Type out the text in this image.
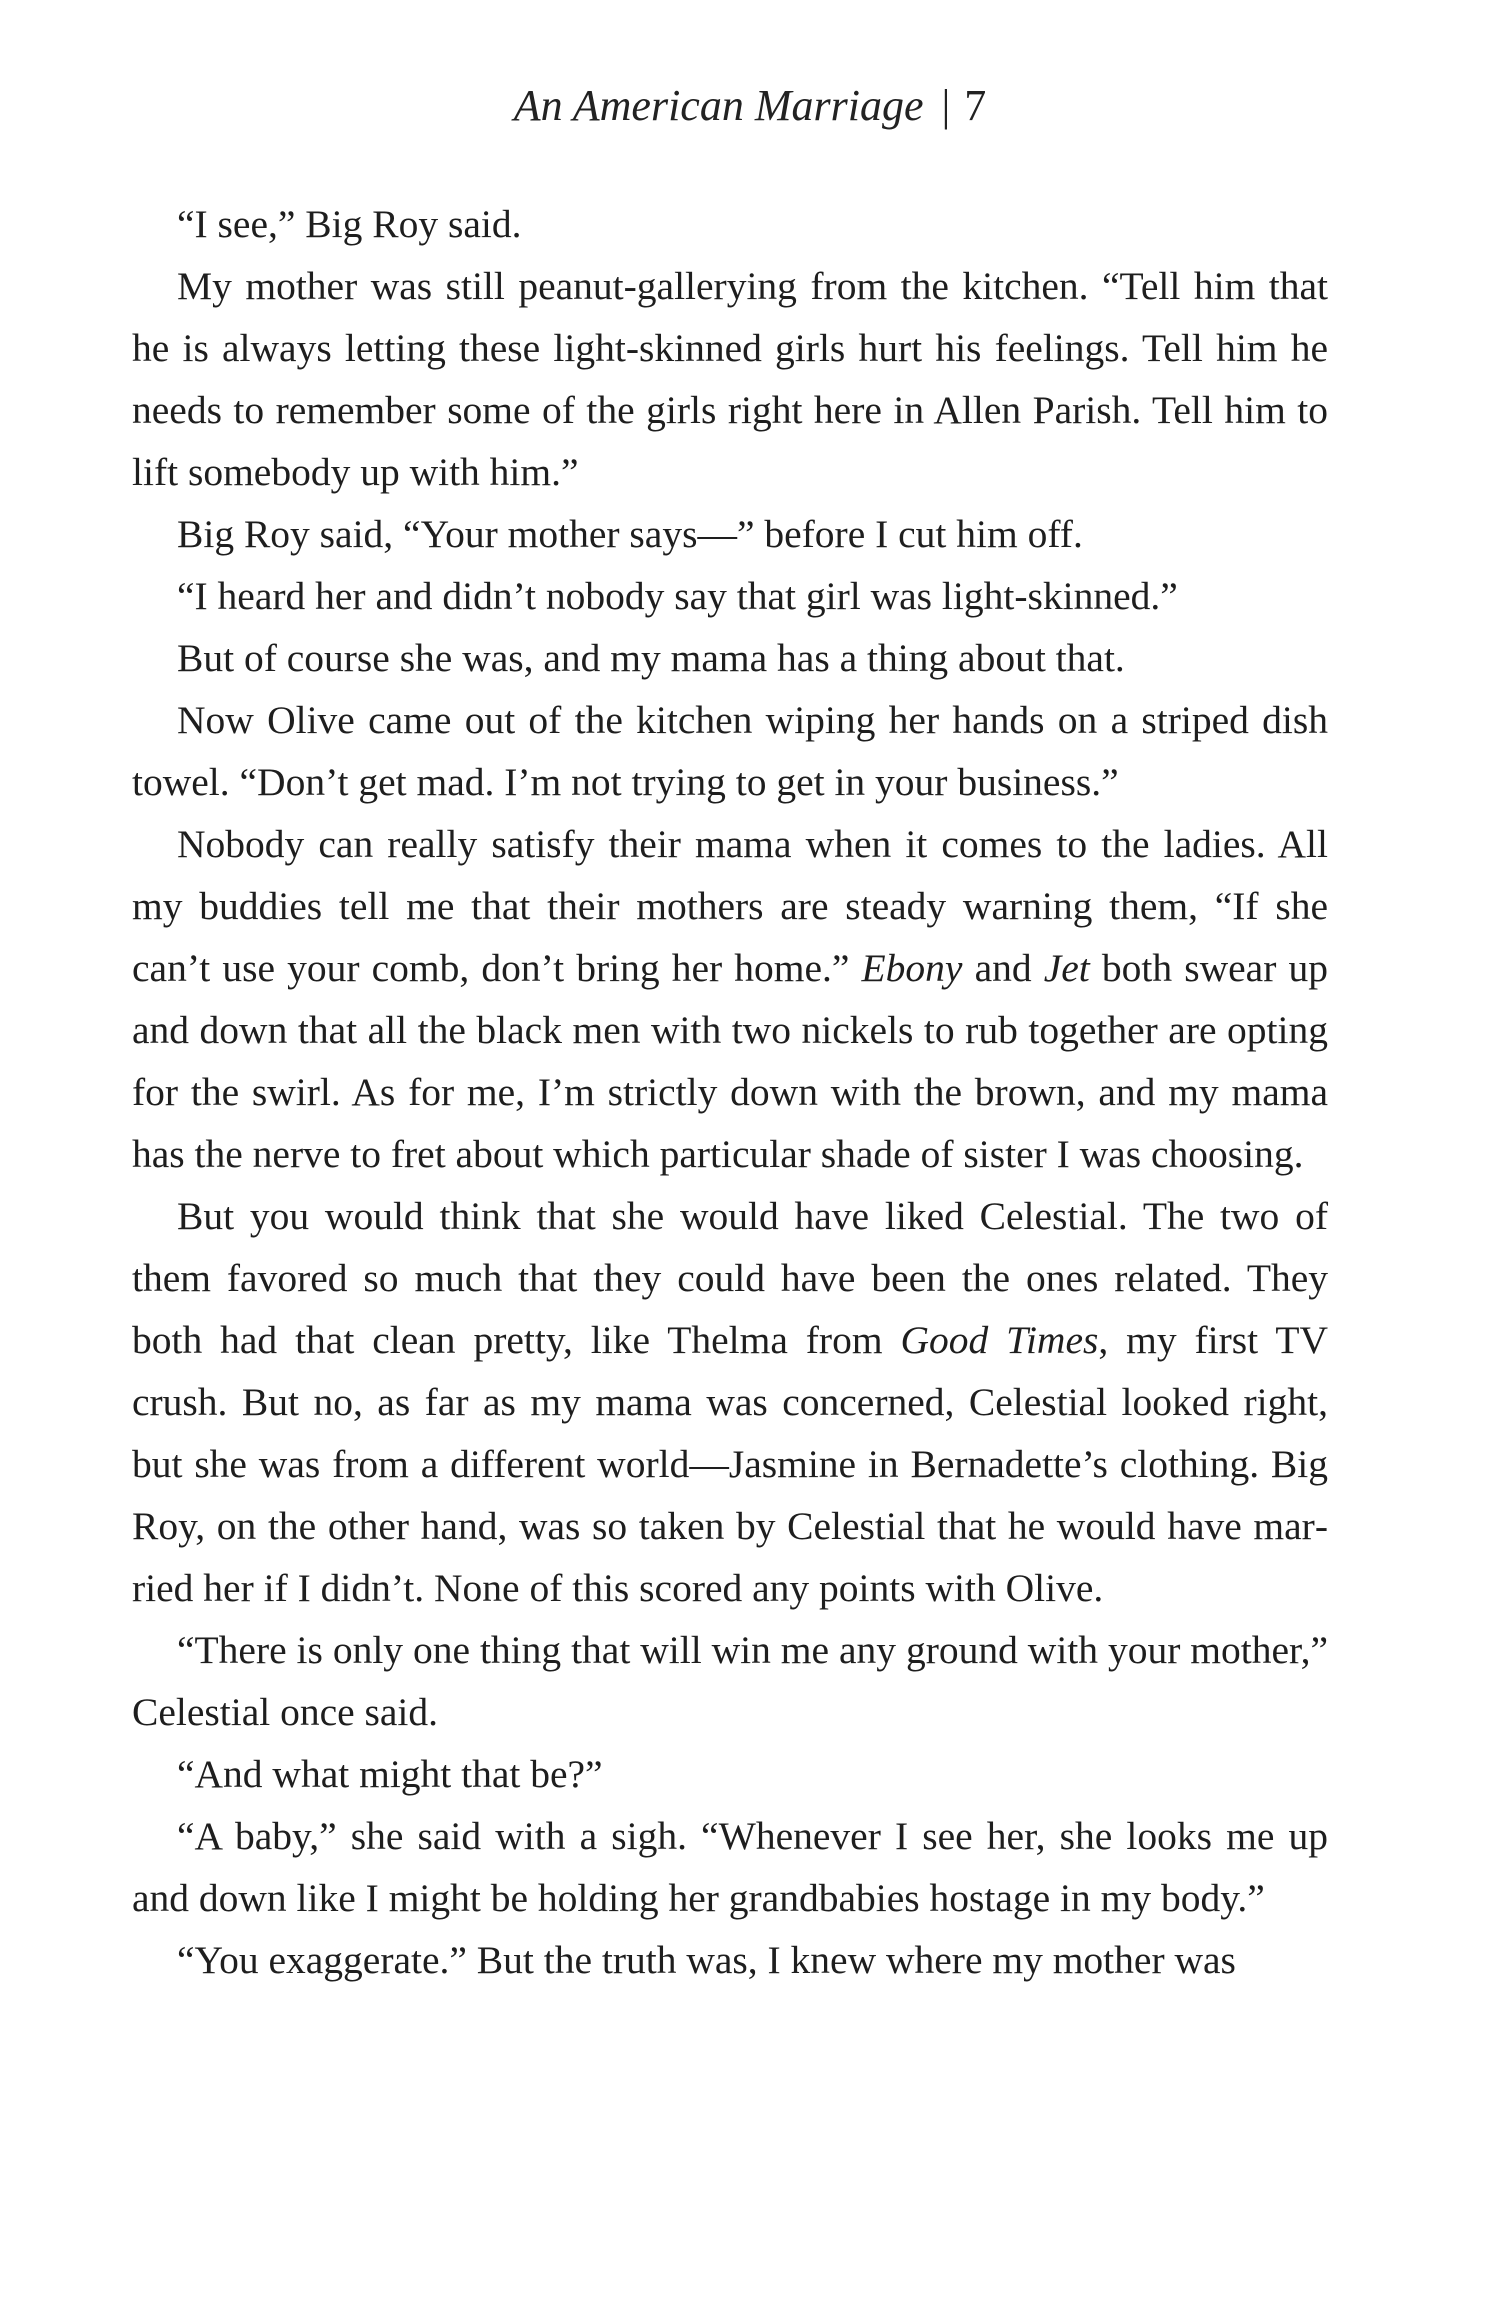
An American Marriage | 7

“I see,” Big Roy said.

My mother was still peanut-gallerying from the kitchen. “Tell him that he is always letting these light-skinned girls hurt his feelings. Tell him he needs to remember some of the girls right here in Allen Parish. Tell him to lift somebody up with him.”

Big Roy said, “Your mother says—” before I cut him off.

“I heard her and didn’t nobody say that girl was light-skinned.”

But of course she was, and my mama has a thing about that.

Now Olive came out of the kitchen wiping her hands on a striped dish towel. “Don’t get mad. I’m not trying to get in your business.”

Nobody can really satisfy their mama when it comes to the ladies. All my buddies tell me that their mothers are steady warning them, “If she can’t use your comb, don’t bring her home.” Ebony and Jet both swear up and down that all the black men with two nickels to rub together are opting for the swirl. As for me, I’m strictly down with the brown, and my mama has the nerve to fret about which particular shade of sister I was choosing.

But you would think that she would have liked Celestial. The two of them favored so much that they could have been the ones related. They both had that clean pretty, like Thelma from Good Times, my first TV crush. But no, as far as my mama was concerned, Celestial looked right, but she was from a different world—Jasmine in Bernadette’s clothing. Big Roy, on the other hand, was so taken by Celestial that he would have married her if I didn’t. None of this scored any points with Olive.

“There is only one thing that will win me any ground with your mother,” Celestial once said.

“And what might that be?”

“A baby,” she said with a sigh. “Whenever I see her, she looks me up and down like I might be holding her grandbabies hostage in my body.”

“You exaggerate.” But the truth was, I knew where my mother was
